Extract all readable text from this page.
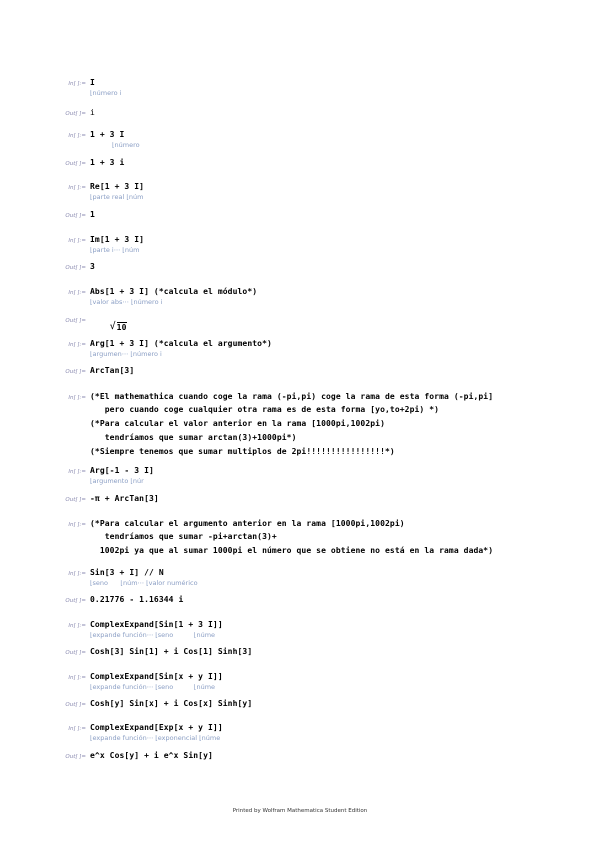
In[ ]:= I
⌊número i
Out[ ]= i
In[ ]:= 1 + 3 I
⌊número
Out[ ]= 1 + 3 i
In[ ]:= Re[1 + 3 I]
⌊parte real ⌊núm
Out[ ]= 1
In[ ]:= Im[1 + 3 I]
⌊parte i⋯ ⌊núm
Out[ ]= 3
In[ ]:= Abs[1 + 3 I] (*calcula el módulo*)
⌊valor abs⋯ ⌊número i
Out[ ]=

√ 10

In[ ]:= Arg[1 + 3 I] (*calcula el argumento*)
⌊argumen⋯ ⌊número i
Out[ ]= ArcTan[3]
In[ ]:= (*El mathemathica cuando coge la rama (-pi,pi) coge la rama de esta forma (-pi,pi]
pero cuando coge cualquier otra rama es de esta forma [yo,to+2pi) *)
(*Para calcular el valor anterior en la rama [1000pi,1002pi)
tendríamos que sumar arctan(3)+1000pi*)
(*Siempre tenemos que sumar multiplos de 2pi!!!!!!!!!!!!!!!!*)
In[ ]:= Arg[-1 - 3 I]
⌊argumento ⌊núr
Out[ ]= -π + ArcTan[3]
In[ ]:= (*Para calcular el argumento anterior en la rama [1000pi,1002pi)
tendríamos que sumar -pi+arctan(3)+
1002pi ya que al sumar 1000pi el número que se obtiene no está en la rama dada*)
In[ ]:= Sin[3 + I] // N
⌊seno      ⌊núm⋯ ⌊valor numérico
Out[ ]= 0.21776 - 1.16344 i
In[ ]:= ComplexExpand[Sin[1 + 3 I]]
⌊expande función⋯ ⌊seno          ⌊núme
Out[ ]= Cosh[3] Sin[1] + i Cos[1] Sinh[3]
In[ ]:= ComplexExpand[Sin[x + y I]]
⌊expande función⋯ ⌊seno          ⌊núme
Out[ ]= Cosh[y] Sin[x] + i Cos[x] Sinh[y]
In[ ]:= ComplexExpand[Exp[x + y I]]
⌊expande función⋯ ⌊exponencial ⌊núme
Out[ ]= e^x Cos[y] + i e^x Sin[y]
Printed by Wolfram Mathematica Student Edition
